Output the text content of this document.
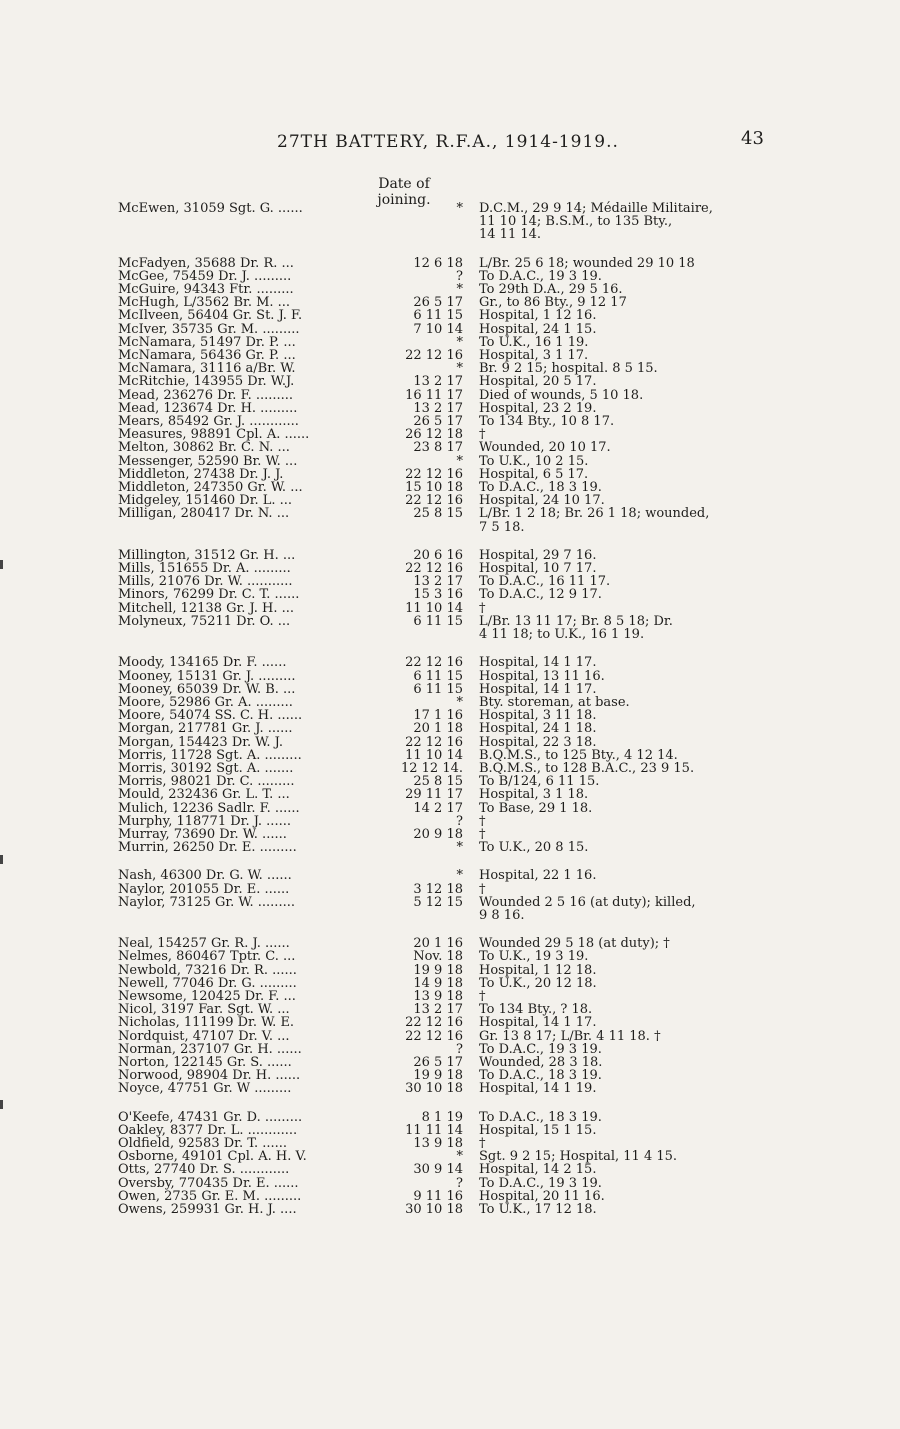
27TH BATTERY, R.F.A., 1914-1919..	43
Date of
joining.
McEwen, 31059 Sgt. G. ......	*	D.C.M., 29 9 14; Médaille Militaire,
11 10 14; B.S.M., to 135 Bty.,
14 11 14.
McFadyen, 35688 Dr. R. ...	12 6 18	L/Br. 25 6 18; wounded 29 10 18
McGee, 75459 Dr. J. .........	?	To D.A.C., 19 3 19.
McGuire, 94343 Ftr. .........	*	To 29th D.A., 29 5 16.
McHugh, L/3562 Br. M. ...	26 5 17	Gr., to 86 Bty., 9 12 17
McIlveen, 56404 Gr. St. J. F.	6 11 15	Hospital, 1 12 16.
McIver, 35735 Gr. M. .........	7 10 14	Hospital, 24 1 15.
McNamara, 51497 Dr. P. ...	*	To U.K., 16 1 19.
McNamara, 56436 Gr. P. ...	22 12 16	Hospital, 3 1 17.
McNamara, 31116 a/Br. W.	*	Br. 9 2 15; hospital. 8 5 15.
McRitchie, 143955 Dr. W.J.	13 2 17	Hospital, 20 5 17.
Mead, 236276 Dr. F. .........	16 11 17	Died of wounds, 5 10 18.
Mead, 123674 Dr. H. .........	13 2 17	Hospital, 23 2 19.
Mears, 85492 Gr. J. ............	26 5 17	To 134 Bty., 10 8 17.
Measures, 98891 Cpl. A. ......	26 12 18	†
Melton, 30862 Br. C. N. ...	23 8 17	Wounded, 20 10 17.
Messenger, 52590 Br. W. ...	*	To U.K., 10 2 15.
Middleton, 27438 Dr. J. J.	22 12 16	Hospital, 6 5 17.
Middleton, 247350 Gr. W. ...	15 10 18	To D.A.C., 18 3 19.
Midgeley, 151460 Dr. L. ...	22 12 16	Hospital, 24 10 17.
Milligan, 280417 Dr. N. ...	25 8 15	L/Br. 1 2 18; Br. 26 1 18; wounded,
7 5 18.
Millington, 31512 Gr. H. ...	20 6 16	Hospital, 29 7 16.
Mills, 151655 Dr. A. .........	22 12 16	Hospital, 10 7 17.
Mills, 21076 Dr. W. ...........	13 2 17	To D.A.C., 16 11 17.
Minors, 76299 Dr. C. T. ......	15 3 16	To D.A.C., 12 9 17.
Mitchell, 12138 Gr. J. H. ...	11 10 14	†
Molyneux, 75211 Dr. O. ...	6 11 15	L/Br. 13 11 17; Br. 8 5 18; Dr.
4 11 18; to U.K., 16 1 19.
Moody, 134165 Dr. F. ......	22 12 16	Hospital, 14 1 17.
Mooney, 15131 Gr. J. .........	6 11 15	Hospital, 13 11 16.
Mooney, 65039 Dr. W. B. ...	6 11 15	Hospital, 14 1 17.
Moore, 52986 Gr. A. .........	*	Bty. storeman, at base.
Moore, 54074 SS. C. H. ......	17 1 16	Hospital, 3 11 18.
Morgan, 217781 Gr. J. ......	20 1 18	Hospital, 24 1 18.
Morgan, 154423 Dr. W. J.	22 12 16	Hospital, 22 3 18.
Morris, 11728 Sgt. A. .........	11 10 14	B.Q.M.S., to 125 Bty., 4 12 14.
Morris, 30192 Sgt. A. .......	12 12 14.	B.Q.M.S., to 128 B.A.C., 23 9 15.
Morris, 98021 Dr. C. .........	25 8 15	To B/124, 6 11 15.
Mould, 232436 Gr. L. T. ...	29 11 17	Hospital, 3 1 18.
Mulich, 12236 Sadlr. F. ......	14 2 17	To Base, 29 1 18.
Murphy, 118771 Dr. J. ......	?	†
Murray, 73690 Dr. W. ......	20 9 18	†
Murrin, 26250 Dr. E. .........	*	To U.K., 20 8 15.
Nash, 46300 Dr. G. W. ......	*	Hospital, 22 1 16.
Naylor, 201055 Dr. E. ......	3 12 18	†
Naylor, 73125 Gr. W. .........	5 12 15	Wounded 2 5 16 (at duty); killed,
9 8 16.
Neal, 154257 Gr. R. J. ......	20 1 16	Wounded 29 5 18 (at duty); †
Nelmes, 860467 Tptr. C. ...	Nov. 18	To U.K., 19 3 19.
Newbold, 73216 Dr. R. ......	19 9 18	Hospital, 1 12 18.
Newell, 77046 Dr. G. .........	14 9 18	To U.K., 20 12 18.
Newsome, 120425 Dr. F. ...	13 9 18	†
Nicol, 3197 Far. Sgt. W. ...	13 2 17	To 134 Bty., ? 18.
Nicholas, 111199 Dr. W. E.	22 12 16	Hospital, 14 1 17.
Nordquist, 47107 Dr. V. ...	22 12 16	Gr. 13 8 17; L/Br. 4 11 18. †
Norman, 237107 Gr. H. ......	?	To D.A.C., 19 3 19.
Norton, 122145 Gr. S. ......	26 5 17	Wounded, 28 3 18.
Norwood, 98904 Dr. H. ......	19 9 18	To D.A.C., 18 3 19.
Noyce, 47751 Gr. W .........	30 10 18	Hospital, 14 1 19.
O'Keefe, 47431 Gr. D. .........	8 1 19	To D.A.C., 18 3 19.
Oakley, 8377 Dr. L. ............	11 11 14	Hospital, 15 1 15.
Oldfield, 92583 Dr. T. ......	13 9 18	†
Osborne, 49101 Cpl. A. H. V.	*	Sgt. 9 2 15; Hospital, 11 4 15.
Otts, 27740 Dr. S. ............	30 9 14	Hospital, 14 2 15.
Oversby, 770435 Dr. E. ......	?	To D.A.C., 19 3 19.
Owen, 2735 Gr. E. M. .........	9 11 16	Hospital, 20 11 16.
Owens, 259931 Gr. H. J. ....	30 10 18	To U.K., 17 12 18.
